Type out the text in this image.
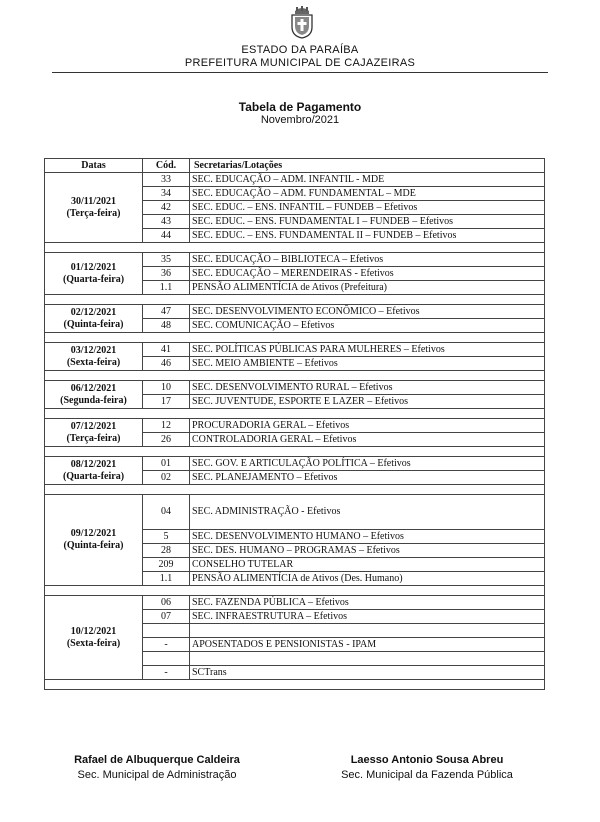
ESTADO DA PARAÍBA
PREFEITURA MUNICIPAL DE CAJAZEIRAS
Tabela de Pagamento
Novembro/2021
Datas	Cód.	Secretarias/Lotações

30/11/2021
(Terça-feira)	33	SEC. EDUCAÇÃO – ADM. INFANTIL - MDE
	34	SEC. EDUCAÇÃO – ADM. FUNDAMENTAL – MDE
	42	SEC. EDUC. – ENS. INFANTIL – FUNDEB – Efetivos
	43	SEC. EDUC. – ENS. FUNDAMENTAL I – FUNDEB – Efetivos
	44	SEC. EDUC. – ENS. FUNDAMENTAL II – FUNDEB – Efetivos

01/12/2021
(Quarta-feira)	35	SEC. EDUCAÇÃO – BIBLIOTECA – Efetivos
	36	SEC. EDUCAÇÃO – MERENDEIRAS - Efetivos
	1.1	PENSÃO ALIMENTÍCIA de Ativos (Prefeitura)

02/12/2021
(Quinta-feira)	47	SEC. DESENVOLVIMENTO ECONÔMICO – Efetivos
	48	SEC. COMUNICAÇÃO – Efetivos

03/12/2021
(Sexta-feira)	41	SEC. POLÍTICAS PÚBLICAS PARA MULHERES – Efetivos
	46	SEC. MEIO AMBIENTE – Efetivos

06/12/2021
(Segunda-feira)	10	SEC. DESENVOLVIMENTO RURAL – Efetivos
	17	SEC. JUVENTUDE, ESPORTE E LAZER – Efetivos

07/12/2021
(Terça-feira)	12	PROCURADORIA GERAL – Efetivos
	26	CONTROLADORIA GERAL – Efetivos

08/12/2021
(Quarta-feira)	01	SEC. GOV. E ARTICULAÇÃO POLÍTICA – Efetivos
	02	SEC. PLANEJAMENTO – Efetivos

09/12/2021
(Quinta-feira)	04	SEC. ADMINISTRAÇÃO - Efetivos
	5	SEC. DESENVOLVIMENTO HUMANO – Efetivos
	28	SEC. DES. HUMANO – PROGRAMAS – Efetivos
	209	CONSELHO TUTELAR
	1.1	PENSÃO ALIMENTÍCIA de Ativos (Des. Humano)

10/12/2021
(Sexta-feira)	06	SEC. FAZENDA PÚBLICA – Efetivos
	07	SEC. INFRAESTRUTURA – Efetivos

	-	APOSENTADOS E PENSIONISTAS - IPAM

	-	SCTrans

Rafael de Albuquerque Caldeira
Sec. Municipal de Administração
Laesso Antonio Sousa Abreu
Sec. Municipal da Fazenda Pública
